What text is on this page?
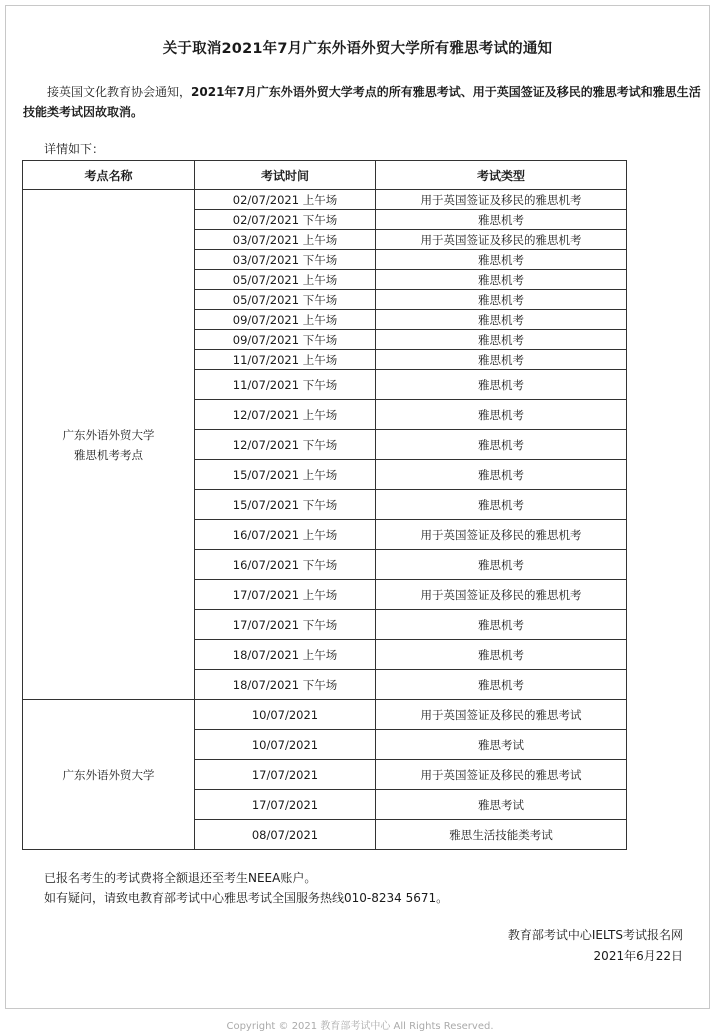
关于取消2021年7月广东外语外贸大学所有雅思考试的通知
接英国文化教育协会通知，2021年7月广东外语外贸大学考点的所有雅思考试、用于英国签证及移民的雅思考试和雅思生活技能类考试因故取消。
详情如下：
考点名称	考试时间	考试类型

广东外语外贸大学
雅思机考考点	02/07/2021 上午场	用于英国签证及移民的雅思机考
	02/07/2021 下午场	雅思机考
	03/07/2021 上午场	用于英国签证及移民的雅思机考
	03/07/2021 下午场	雅思机考
	05/07/2021 上午场	雅思机考
	05/07/2021 下午场	雅思机考
	09/07/2021 上午场	雅思机考
	09/07/2021 下午场	雅思机考
	11/07/2021 上午场	雅思机考
	11/07/2021 下午场	雅思机考
	12/07/2021 上午场	雅思机考
	12/07/2021 下午场	雅思机考
	15/07/2021 上午场	雅思机考
	15/07/2021 下午场	雅思机考
	16/07/2021 上午场	用于英国签证及移民的雅思机考
	16/07/2021 下午场	雅思机考
	17/07/2021 上午场	用于英国签证及移民的雅思机考
	17/07/2021 下午场	雅思机考
	18/07/2021 上午场	雅思机考
	18/07/2021 下午场	雅思机考

广东外语外贸大学	10/07/2021	用于英国签证及移民的雅思考试
	10/07/2021	雅思考试
	17/07/2021	用于英国签证及移民的雅思考试
	17/07/2021	雅思考试
	08/07/2021	雅思生活技能类考试
已报名考生的考试费将全额退还至考生NEEA账户。
如有疑问，请致电教育部考试中心雅思考试全国服务热线010-8234 5671。
教育部考试中心IELTS考试报名网
2021年6月22日
Copyright © 2021 教育部考试中心 All Rights Reserved.
